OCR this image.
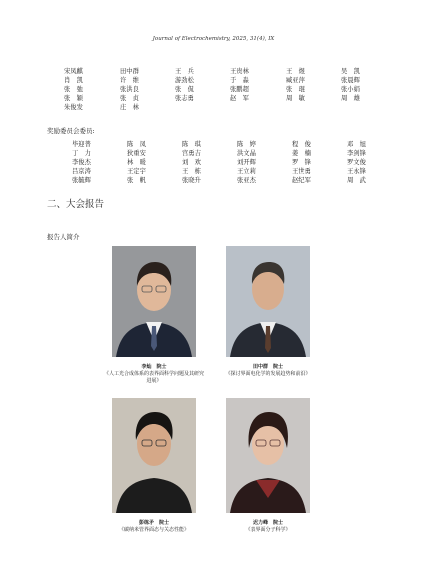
Journal of Electrochemistry, 2025, 31(4), IX
宋凤麒	田中群	王　兵	王贵林	王　煜	吴　凯
肖　凯	许　维	游劲松	于　淼	臧亚萍	张晨辉
张　弛	张洪良	张　侃	张鹏超	张　琨	张小娟
张　颖	张　贞	张志勇	赵　军	周　敏	周　雄
朱俊发	庄　林
奖励委员会委员:
毕迎普	陈　凤	陈　琪	陈　婷	程　俊	邓　旭
丁　力	狄重安	宫勇吉	洪文晶	姜　楠	李剑锋
李俊杰	林　暖	刘　欢	刘开辉	罗　锋	罗文俊
吕京涛	王定宇	王　栋	王立莉	王世勇	王永锋
张毓辉	张　帆	张晓升	张亚杰	赵纪军	周　武
二、大会报告
报告人简介
李灿　院士
《人工光合成体系的表界面科学问题及其研究进展》
田中群　院士
《探讨界面电化学的发展趋势和前沿》
彭练矛　院士
《碳纳米管界面态与关态性能》
迟力峰　院士
《表界面分子科学》
